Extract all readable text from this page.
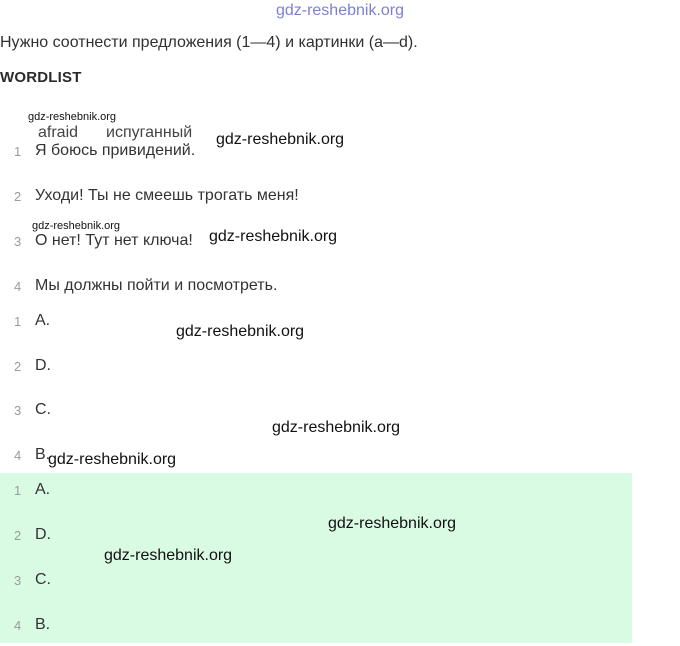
gdz-reshebnik.org
Нужно соотнести предложения (1—4) и картинки (a—d).
WORDLIST
afraid испуганный
1 Я боюсь привидений.
2 Уходи! Ты не смеешь трогать меня!
3 О нет! Тут нет ключа!
4 Мы должны пойти и посмотреть.
1 A.
2 D.
3 C.
4 B.
1 A.
2 D.
3 C.
4 B.
gdz-reshebnik.org
gdz-reshebnik.org
gdz-reshebnik.org
gdz-reshebnik.org
gdz-reshebnik.org
gdz-reshebnik.org
gdz-reshebnik.org
gdz-reshebnik.org
gdz-reshebnik.org
